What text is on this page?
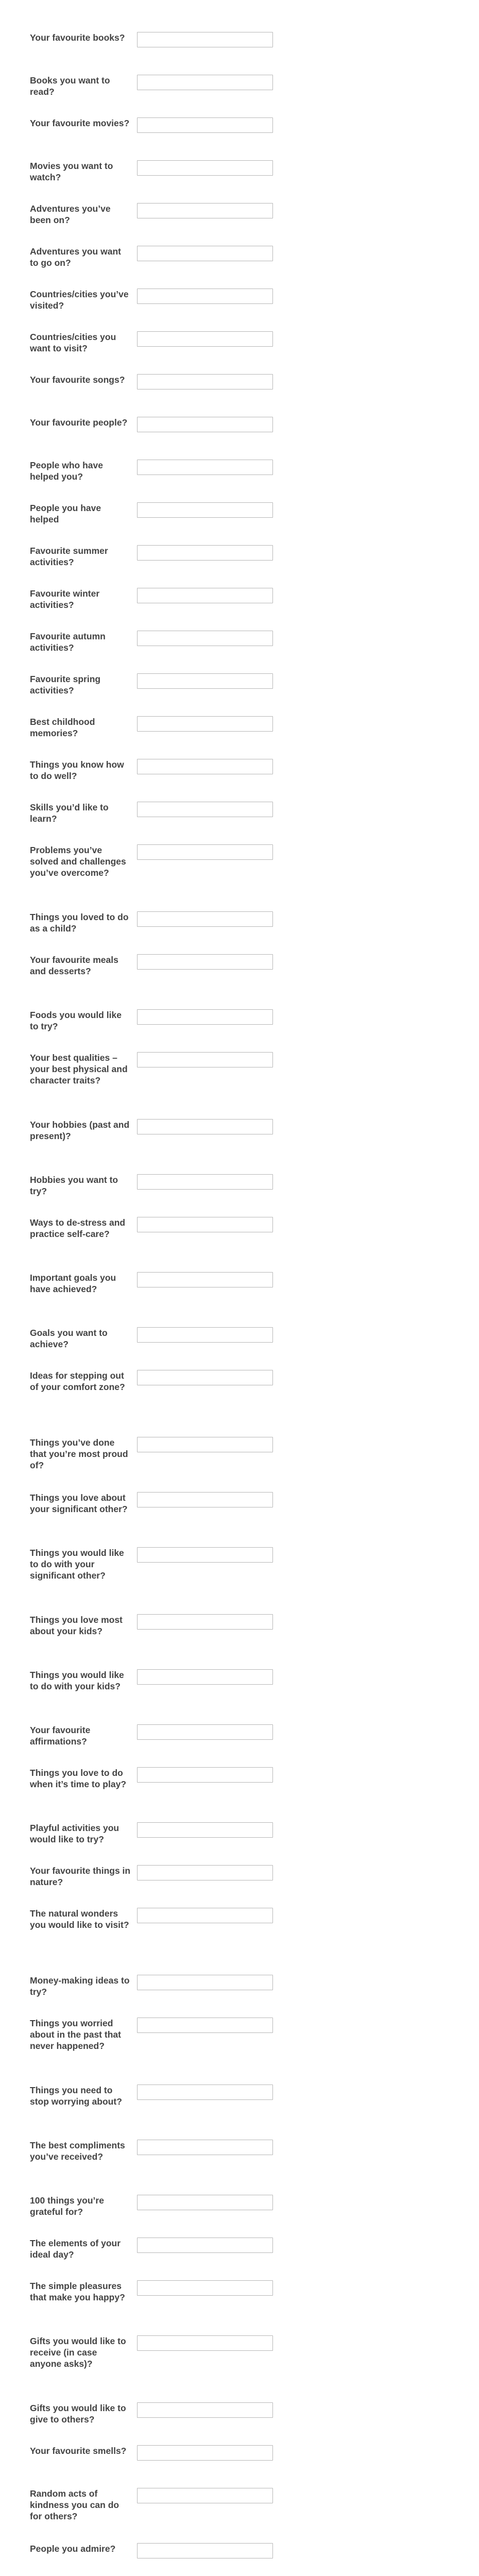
Your favourite books?
Books you want to read?
Your favourite movies?
Movies you want to watch?
Adventures you’ve been on?
Adventures you want to go on?
Countries/cities you’ve visited?
Countries/cities you want to visit?
Your favourite songs?
Your favourite people?
People who have helped you?
People you have helped
Favourite summer activities?
Favourite winter activities?
Favourite autumn activities?
Favourite spring activities?
Best childhood memories?
Things you know how to do well?
Skills you’d like to learn?
Problems you’ve solved and challenges you’ve overcome?
Things you loved to do as a child?
Your favourite meals and desserts?
Foods you would like to try?
Your best qualities – your best physical and character traits?
Your hobbies (past and present)?
Hobbies you want to try?
Ways to de-stress and practice self-care?
Important goals you have achieved?
Goals you want to achieve?
Ideas for stepping out of your comfort zone?
Things you’ve done that you’re most proud of?
Things you love about your significant other?
Things you would like to do with your significant other?
Things you love most about your kids?
Things you would like to do with your kids?
Your favourite affirmations?
Things you love to do when it’s time to play?
Playful activities you would like to try?
Your favourite things in nature?
The natural wonders you would like to visit?
Money-making ideas to try?
Things you worried about in the past that never happened?
Things you need to stop worrying about?
The best compliments you’ve received?
100 things you’re grateful for?
The elements of your ideal day?
The simple pleasures that make you happy?
Gifts you would like to receive (in case anyone asks)?
Gifts you would like to give to others?
Your favourite smells?
Random acts of kindness you can do for others?
People you admire?
